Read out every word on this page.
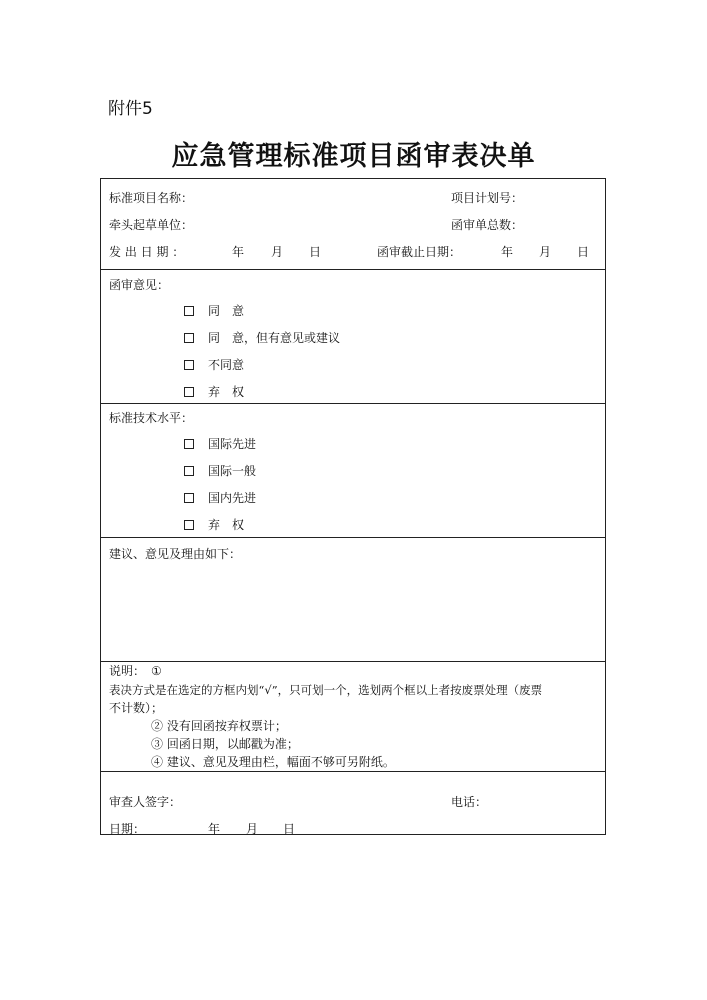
附件5
应急管理标准项目函审表决单
标准项目名称：	项目计划号：
牵头起草单位：	函审单总数：
发 出 日 期 ：	年 月 日	函审截止日期：	年 月 日
函审意见：
同　意
同　意，但有意见或建议
不同意
弃　权
标准技术水平：
国际先进
国际一般
国内先进
弃　权
建议、意见及理由如下：
说明： ①
表决方式是在选定的方框内划“√”，只可划一个，选划两个框以上者按废票处理（废票
不计数）；
② 没有回函按弃权票计；
③ 回函日期，以邮戳为准；
④ 建议、意见及理由栏，幅面不够可另附纸。
审查人签字：	电话：
日期：	年 月 日
